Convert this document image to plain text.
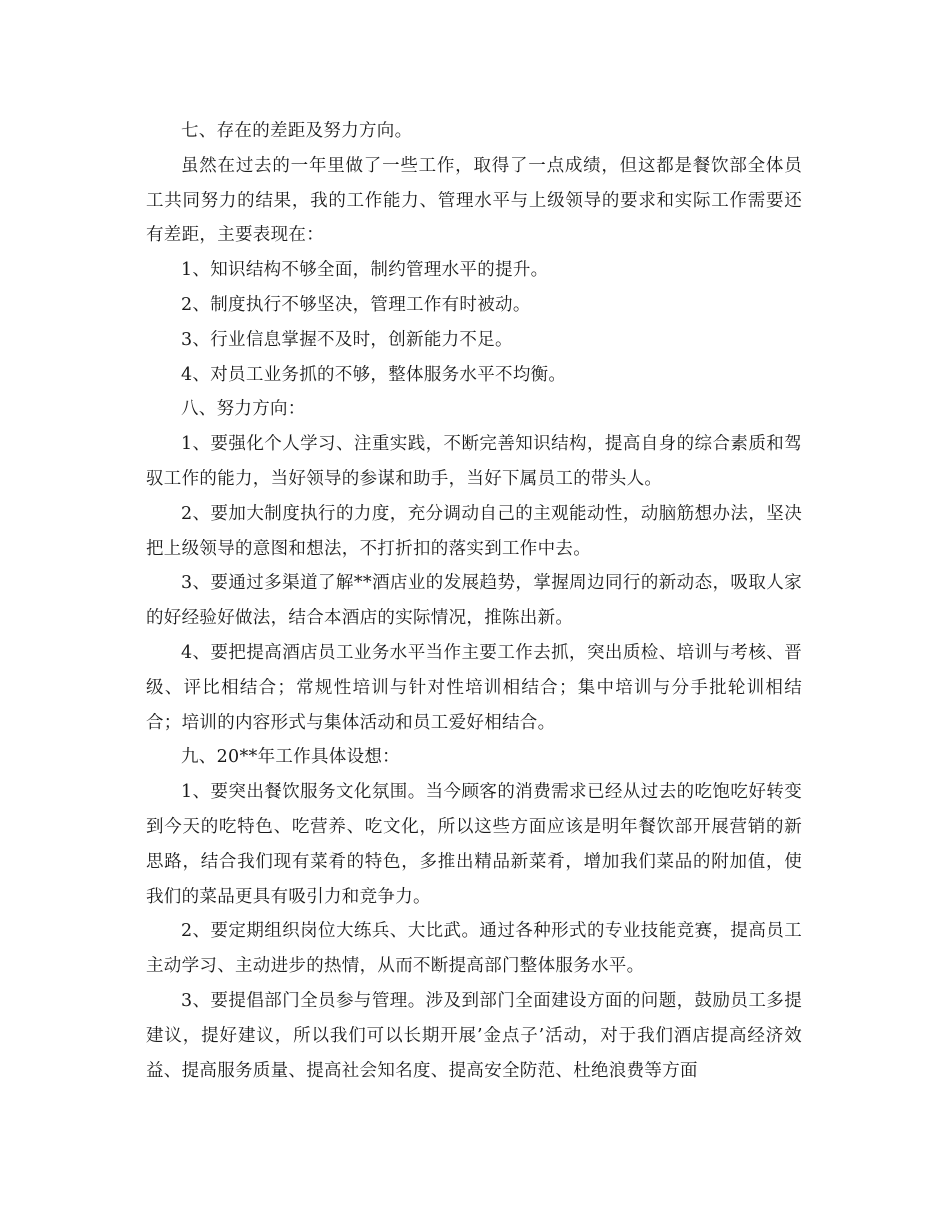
七、存在的差距及努力方向。

虽然在过去的一年里做了一些工作，取得了一点成绩，但这都是餐饮部全体员工共同努力的结果，我的工作能力、管理水平与上级领导的要求和实际工作需要还有差距，主要表现在：

1、知识结构不够全面，制约管理水平的提升。

2、制度执行不够坚决，管理工作有时被动。

3、行业信息掌握不及时，创新能力不足。

4、对员工业务抓的不够，整体服务水平不均衡。

八、努力方向：

1、要强化个人学习、注重实践，不断完善知识结构，提高自身的综合素质和驾驭工作的能力，当好领导的参谋和助手，当好下属员工的带头人。

2、要加大制度执行的力度，充分调动自己的主观能动性，动脑筋想办法，坚决把上级领导的意图和想法，不打折扣的落实到工作中去。

3、要通过多渠道了解**酒店业的发展趋势，掌握周边同行的新动态，吸取人家的好经验好做法，结合本酒店的实际情况，推陈出新。

4、要把提高酒店员工业务水平当作主要工作去抓，突出质检、培训与考核、晋级、评比相结合；常规性培训与针对性培训相结合；集中培训与分手批轮训相结合；培训的内容形式与集体活动和员工爱好相结合。

九、20**年工作具体设想：

1、要突出餐饮服务文化氛围。当今顾客的消费需求已经从过去的吃饱吃好转变到今天的吃特色、吃营养、吃文化，所以这些方面应该是明年餐饮部开展营销的新思路，结合我们现有菜肴的特色，多推出精品新菜肴，增加我们菜品的附加值，使我们的菜品更具有吸引力和竞争力。

2、要定期组织岗位大练兵、大比武。通过各种形式的专业技能竞赛，提高员工主动学习、主动进步的热情，从而不断提高部门整体服务水平。

3、要提倡部门全员参与管理。涉及到部门全面建设方面的问题，鼓励员工多提建议，提好建议，所以我们可以长期开展’金点子’活动，对于我们酒店提高经济效益、提高服务质量、提高社会知名度、提高安全防范、杜绝浪费等方面
